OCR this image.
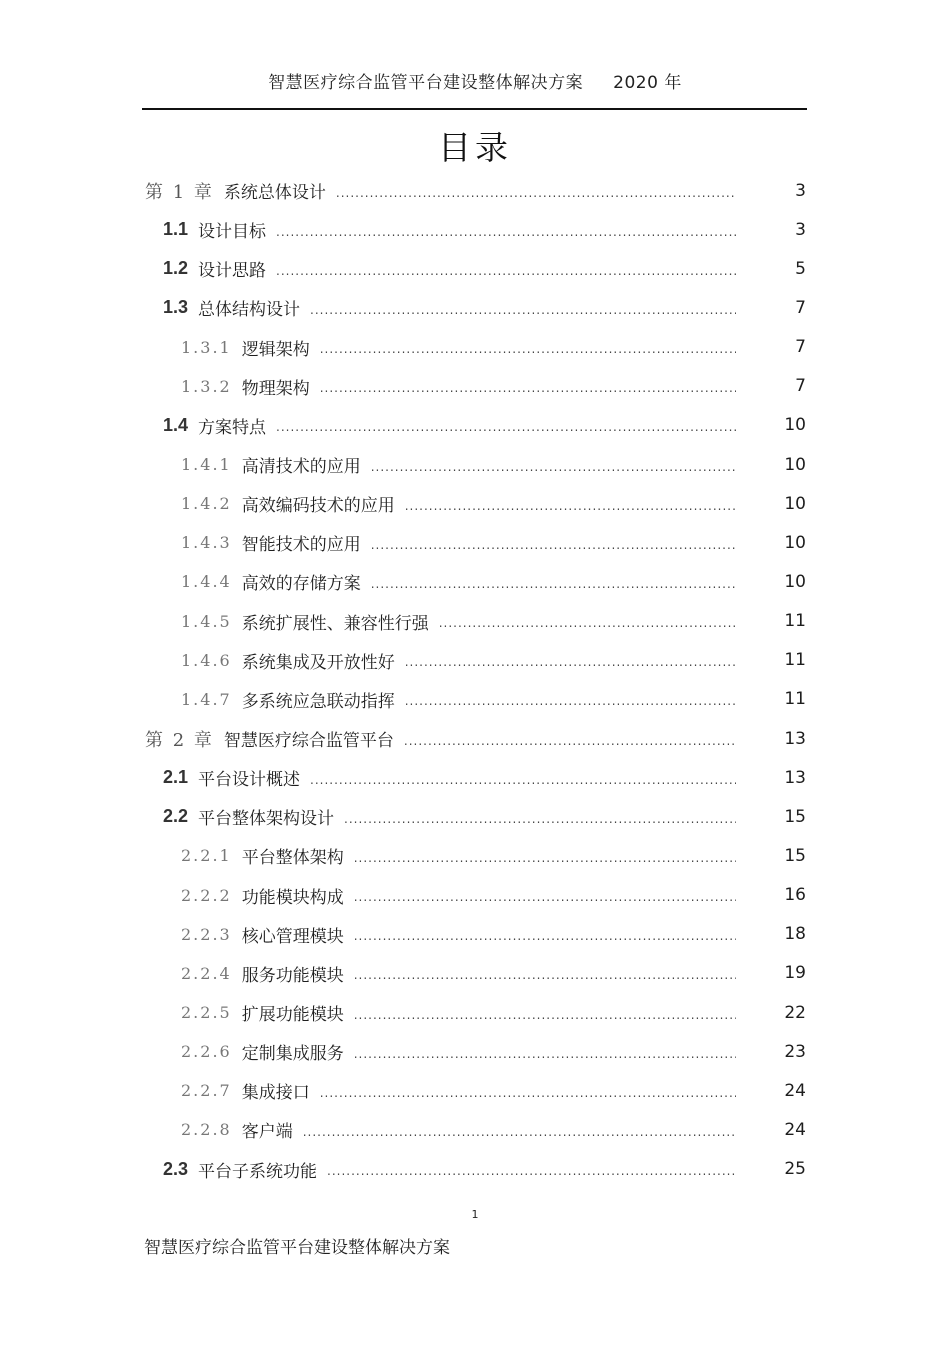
智慧医疗综合监管平台建设整体解决方案 2020 年
目录
第 1 章 系统总体设计 .....	3
1.1 设计目标 .....	3
1.2 设计思路 .....	5
1.3 总体结构设计 .....	7
1.3.1 逻辑架构 .....	7
1.3.2 物理架构 .....	7
1.4 方案特点 .....	10
1.4.1 高清技术的应用 .....	10
1.4.2 高效编码技术的应用 .....	10
1.4.3 智能技术的应用 .....	10
1.4.4 高效的存储方案 .....	10
1.4.5 系统扩展性、兼容性行强 .....	11
1.4.6 系统集成及开放性好 .....	11
1.4.7 多系统应急联动指挥 .....	11
第 2 章 智慧医疗综合监管平台 .....	13
2.1 平台设计概述 .....	13
2.2 平台整体架构设计 .....	15
2.2.1 平台整体架构 .....	15
2.2.2 功能模块构成 .....	16
2.2.3 核心管理模块 .....	18
2.2.4 服务功能模块 .....	19
2.2.5 扩展功能模块 .....	22
2.2.6 定制集成服务 .....	23
2.2.7 集成接口 .....	24
2.2.8 客户端 .....	24
2.3 平台子系统功能 .....	25
1
智慧医疗综合监管平台建设整体解决方案
